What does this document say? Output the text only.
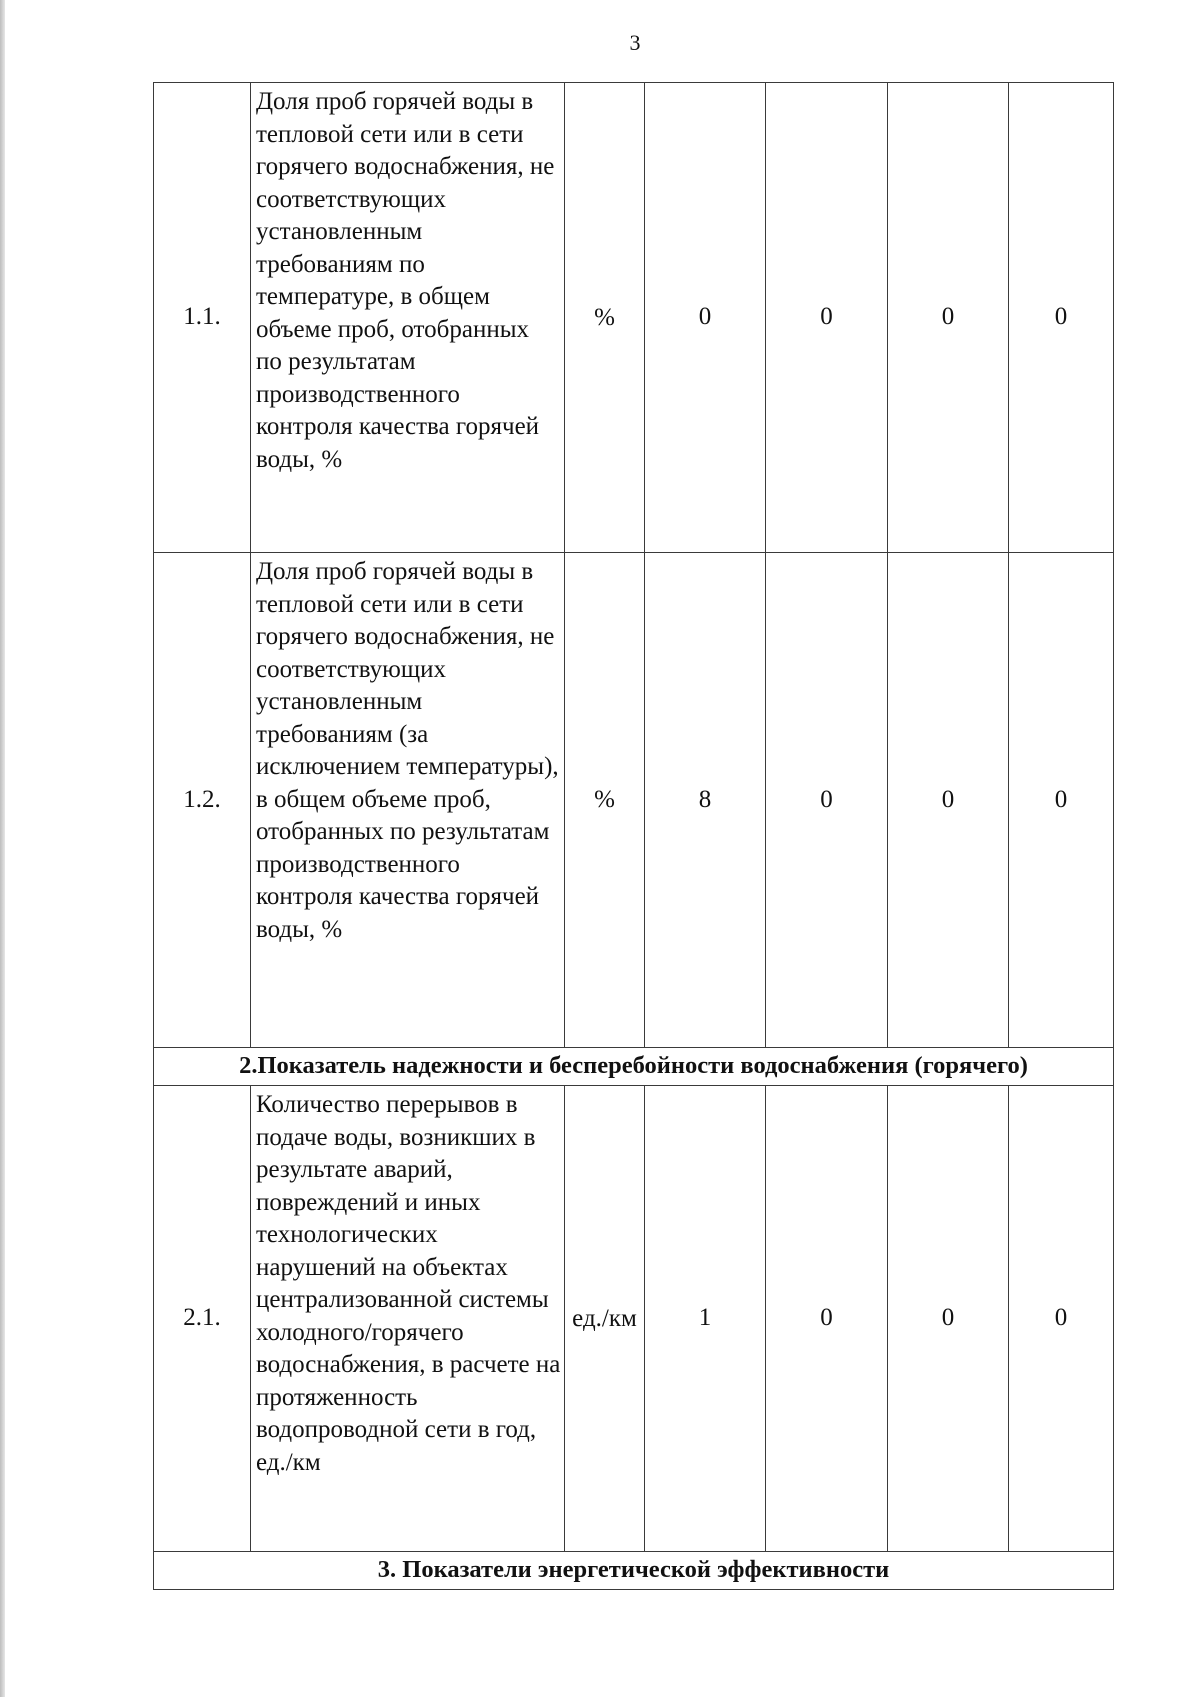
3
1.1.	Доля проб горячей воды в тепловой сети или в сети горячего водоснабжения, не соответствующих установленным требованиям по температуре, в общем объеме проб, отобранных по результатам производственного контроля качества горячей воды, %	%	0	0	0	0
1.2.	Доля проб горячей воды в тепловой сети или в сети горячего водоснабжения, не соответствующих установленным требованиям (за исключением температуры), в общем объеме проб, отобранных по результатам производственного контроля качества горячей воды, %	%	8	0	0	0
2.Показатель надежности и бесперебойности водоснабжения (горячего)						
2.1.	Количество перерывов в подаче воды, возникших в результате аварий, повреждений и иных технологических нарушений на объектах централизованной системы холодного/горячего водоснабжения, в расчете на протяженность водопроводной сети в год, ед./км	ед./км	1	0	0	0
3. Показатели энергетической эффективности						
